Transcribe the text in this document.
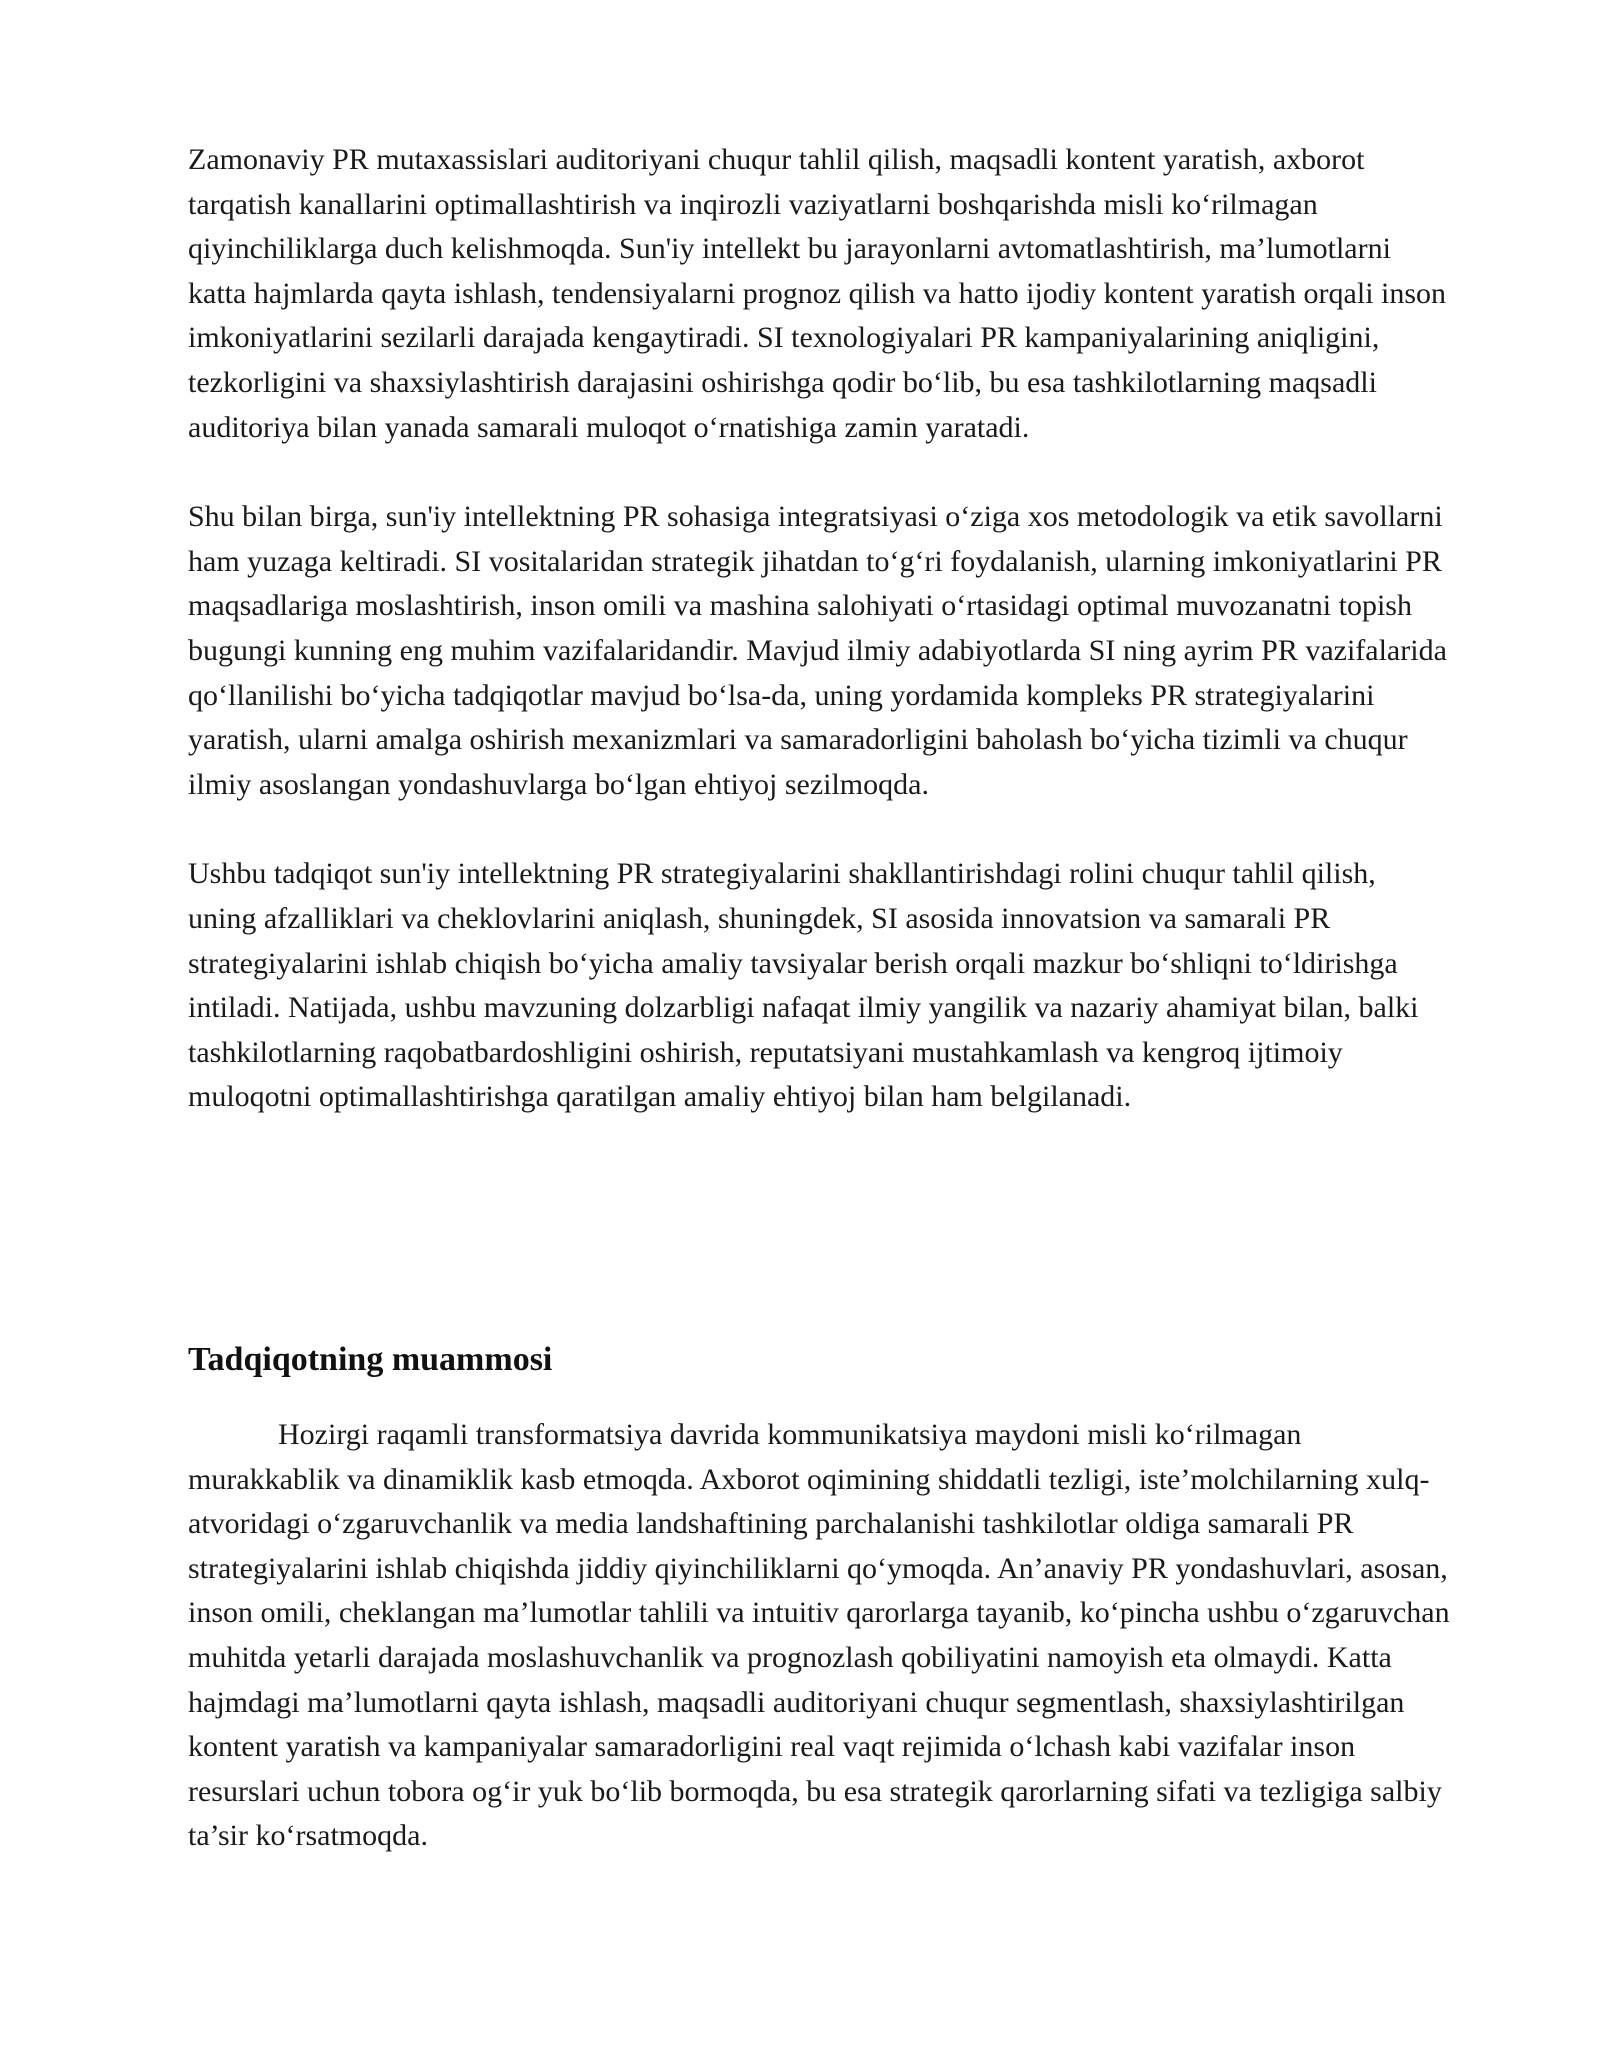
Zamonaviy PR mutaxassislari auditoriyani chuqur tahlil qilish, maqsadli kontent yaratish, axborot tarqatish kanallarini optimallashtirish va inqirozli vaziyatlarni boshqarishda misli ko‘rilmagan qiyinchiliklarga duch kelishmoqda. Sun'iy intellekt bu jarayonlarni avtomatlashtirish, ma’lumotlarni katta hajmlarda qayta ishlash, tendensiyalarni prognoz qilish va hatto ijodiy kontent yaratish orqali inson imkoniyatlarini sezilarli darajada kengaytiradi. SI texnologiyalari PR kampaniyalarining aniqligini, tezkorligini va shaxsiylashtirish darajasini oshirishga qodir bo‘lib, bu esa tashkilotlarning maqsadli auditoriya bilan yanada samarali muloqot o‘rnatishiga zamin yaratadi.

Shu bilan birga, sun'iy intellektning PR sohasiga integratsiyasi o‘ziga xos metodologik va etik savollarni ham yuzaga keltiradi. SI vositalaridan strategik jihatdan to‘g‘ri foydalanish, ularning imkoniyatlarini PR maqsadlariga moslashtirish, inson omili va mashina salohiyati o‘rtasidagi optimal muvozanatni topish bugungi kunning eng muhim vazifalaridandir. Mavjud ilmiy adabiyotlarda SI ning ayrim PR vazifalarida qo‘llanilishi bo‘yicha tadqiqotlar mavjud bo‘lsa-da, uning yordamida kompleks PR strategiyalarini yaratish, ularni amalga oshirish mexanizmlari va samaradorligini baholash bo‘yicha tizimli va chuqur ilmiy asoslangan yondashuvlarga bo‘lgan ehtiyoj sezilmoqda.

Ushbu tadqiqot sun'iy intellektning PR strategiyalarini shakllantirishdagi rolini chuqur tahlil qilish, uning afzalliklari va cheklovlarini aniqlash, shuningdek, SI asosida innovatsion va samarali PR strategiyalarini ishlab chiqish bo‘yicha amaliy tavsiyalar berish orqali mazkur bo‘shliqni to‘ldirishga intiladi. Natijada, ushbu mavzuning dolzarbligi nafaqat ilmiy yangilik va nazariy ahamiyat bilan, balki tashkilotlarning raqobatbardoshligini oshirish, reputatsiyani mustahkamlash va kengroq ijtimoiy muloqotni optimallashtirishga qaratilgan amaliy ehtiyoj bilan ham belgilanadi.

Tadqiqotning muammosi

Hozirgi raqamli transformatsiya davrida kommunikatsiya maydoni misli ko‘rilmagan murakkablik va dinamiklik kasb etmoqda. Axborot oqimining shiddatli tezligi, iste’molchilarning xulq-atvoridagi o‘zgaruvchanlik va media landshaftining parchalanishi tashkilotlar oldiga samarali PR strategiyalarini ishlab chiqishda jiddiy qiyinchiliklarni qo‘ymoqda. An’anaviy PR yondashuvlari, asosan, inson omili, cheklangan ma’lumotlar tahlili va intuitiv qarorlarga tayanib, ko‘pincha ushbu o‘zgaruvchan muhitda yetarli darajada moslashuvchanlik va prognozlash qobiliyatini namoyish eta olmaydi. Katta hajmdagi ma’lumotlarni qayta ishlash, maqsadli auditoriyani chuqur segmentlash, shaxsiylashtirilgan kontent yaratish va kampaniyalar samaradorligini real vaqt rejimida o‘lchash kabi vazifalar inson resurslari uchun tobora og‘ir yuk bo‘lib bormoqda, bu esa strategik qarorlarning sifati va tezligiga salbiy ta’sir ko‘rsatmoqda.
